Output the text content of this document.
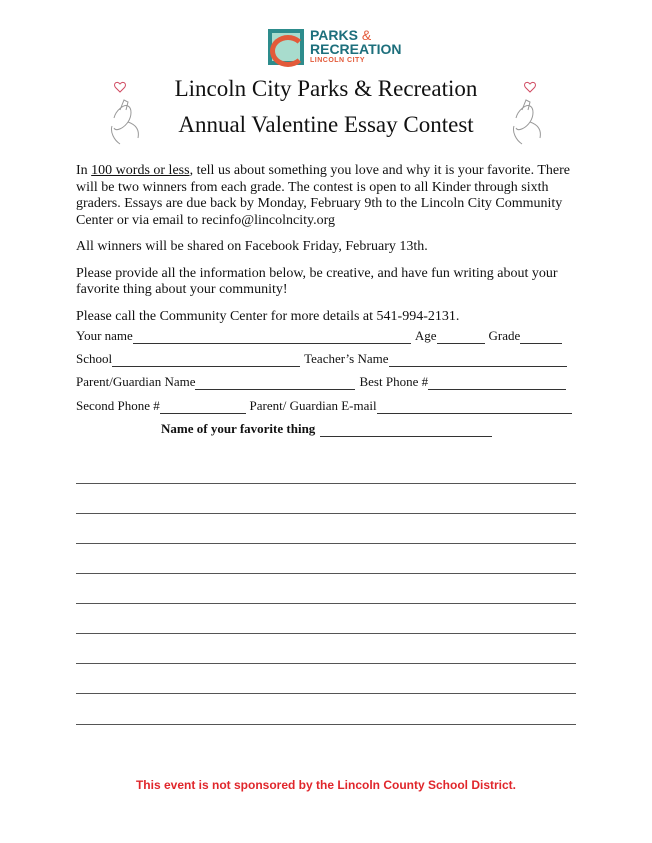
PARKS &
RECREATION
LINCOLN CITY
Lincoln City Parks & Recreation
Annual Valentine Essay Contest

In 100 words or less, tell us about something you love and why it is your favorite. There will be two winners from each grade. The contest is open to all Kinder through sixth graders. Essays are due back by Monday, February 9th to the Lincoln City Community Center or via email to recinfo@lincolncity.org

All winners will be shared on Facebook Friday, February 13th.

Please provide all the information below, be creative, and have fun writing about your favorite thing about your community!

Please call the Community Center for more details at 541-994-2131.

Your name	Age	Grade
School	Teacher’s Name
Parent/Guardian Name	Best Phone #
Second Phone #	Parent/ Guardian E-mail
Name of your favorite thing
This event is not sponsored by the Lincoln County School District.
